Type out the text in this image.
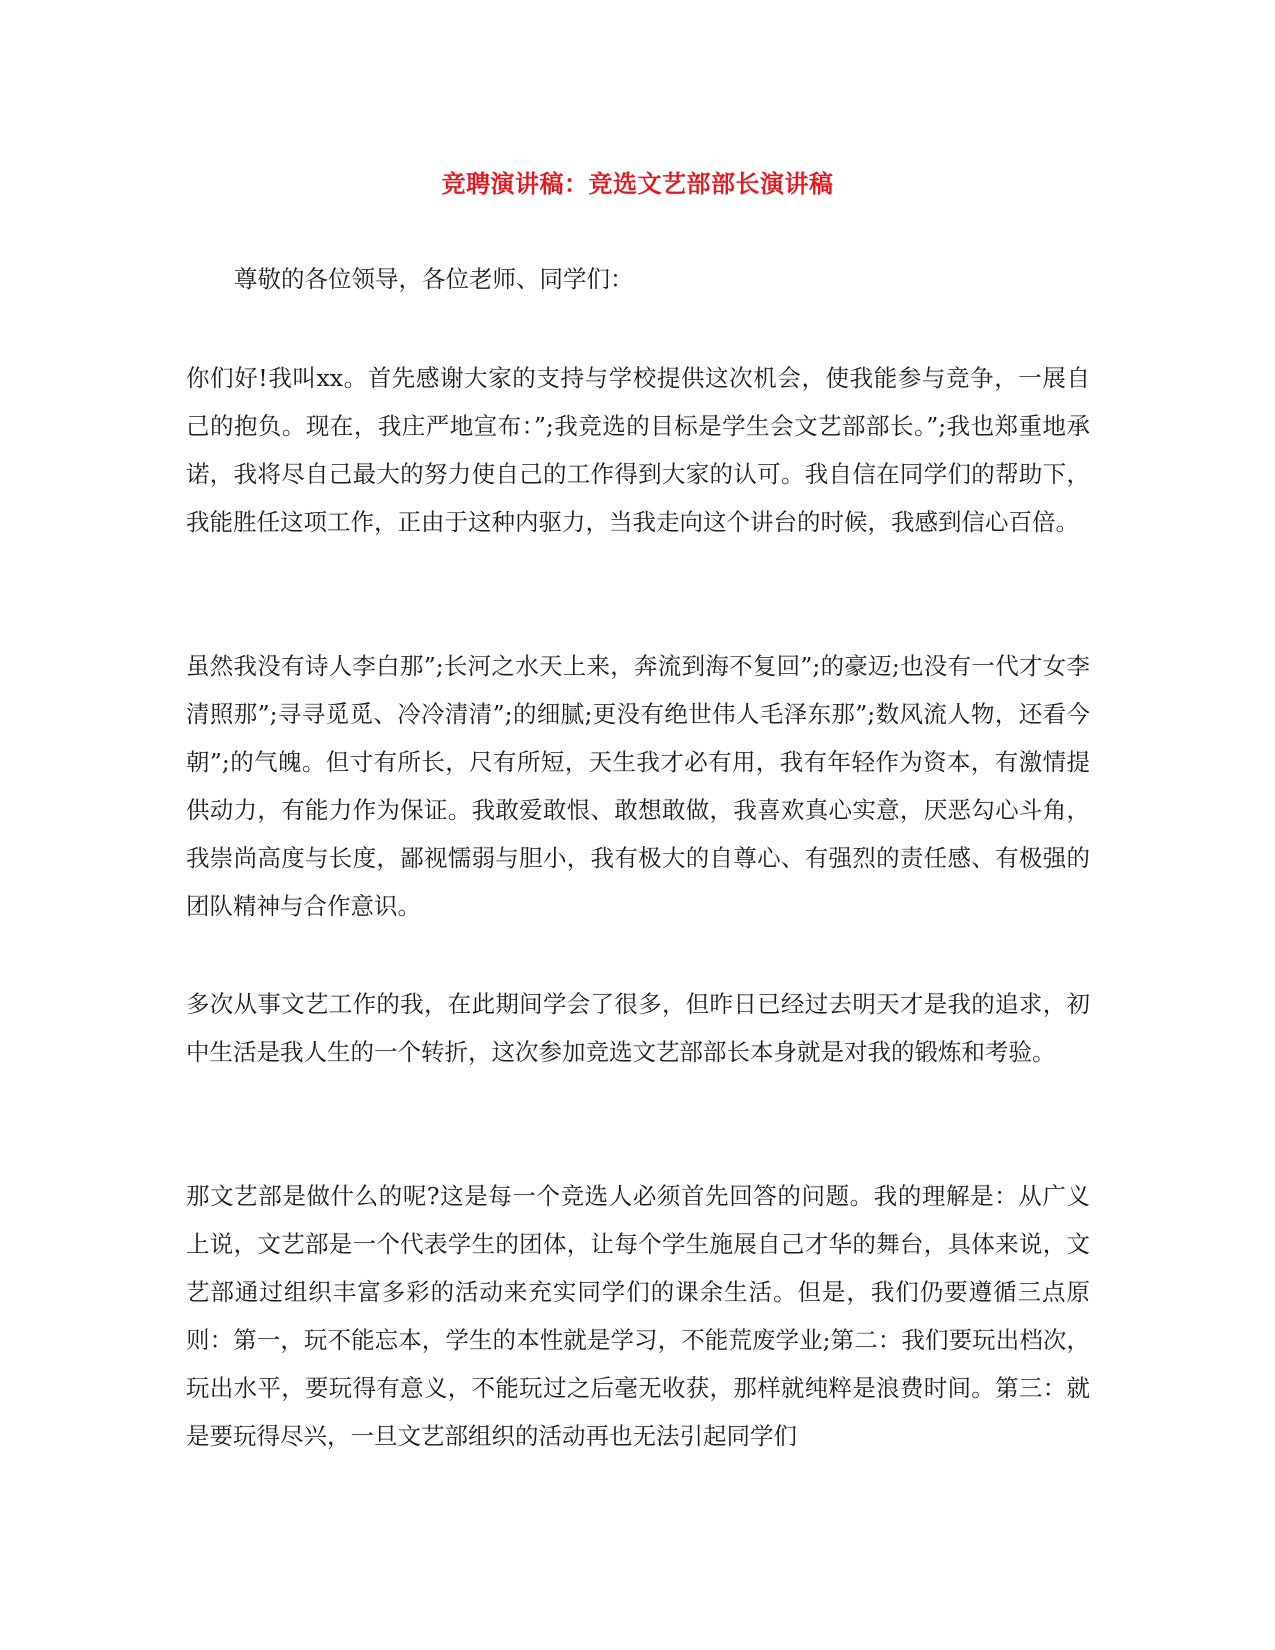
竞聘演讲稿：竞选文艺部部长演讲稿
尊敬的各位领导，各位老师、同学们：
你们好!我叫xx。首先感谢大家的支持与学校提供这次机会，使我能参与竞争，一展自己的抱负。现在，我庄严地宣布：”;我竞选的目标是学生会文艺部部长。”;我也郑重地承诺，我将尽自己最大的努力使自己的工作得到大家的认可。我自信在同学们的帮助下，我能胜任这项工作，正由于这种内驱力，当我走向这个讲台的时候，我感到信心百倍。
虽然我没有诗人李白那”;长河之水天上来，奔流到海不复回”;的豪迈;也没有一代才女李清照那”;寻寻觅觅、冷冷清清”;的细腻;更没有绝世伟人毛泽东那”;数风流人物，还看今朝”;的气魄。但寸有所长，尺有所短，天生我才必有用，我有年轻作为资本，有激情提供动力，有能力作为保证。我敢爱敢恨、敢想敢做，我喜欢真心实意，厌恶勾心斗角，我崇尚高度与长度，鄙视懦弱与胆小，我有极大的自尊心、有强烈的责任感、有极强的团队精神与合作意识。
多次从事文艺工作的我，在此期间学会了很多，但昨日已经过去明天才是我的追求，初中生活是我人生的一个转折，这次参加竞选文艺部部长本身就是对我的锻炼和考验。
那文艺部是做什么的呢?这是每一个竞选人必须首先回答的问题。我的理解是：从广义上说，文艺部是一个代表学生的团体，让每个学生施展自己才华的舞台，具体来说，文艺部通过组织丰富多彩的活动来充实同学们的课余生活。但是，我们仍要遵循三点原则：第一，玩不能忘本，学生的本性就是学习，不能荒废学业;第二：我们要玩出档次，玩出水平，要玩得有意义，不能玩过之后毫无收获，那样就纯粹是浪费时间。第三：就是要玩得尽兴，一旦文艺部组织的活动再也无法引起同学们
